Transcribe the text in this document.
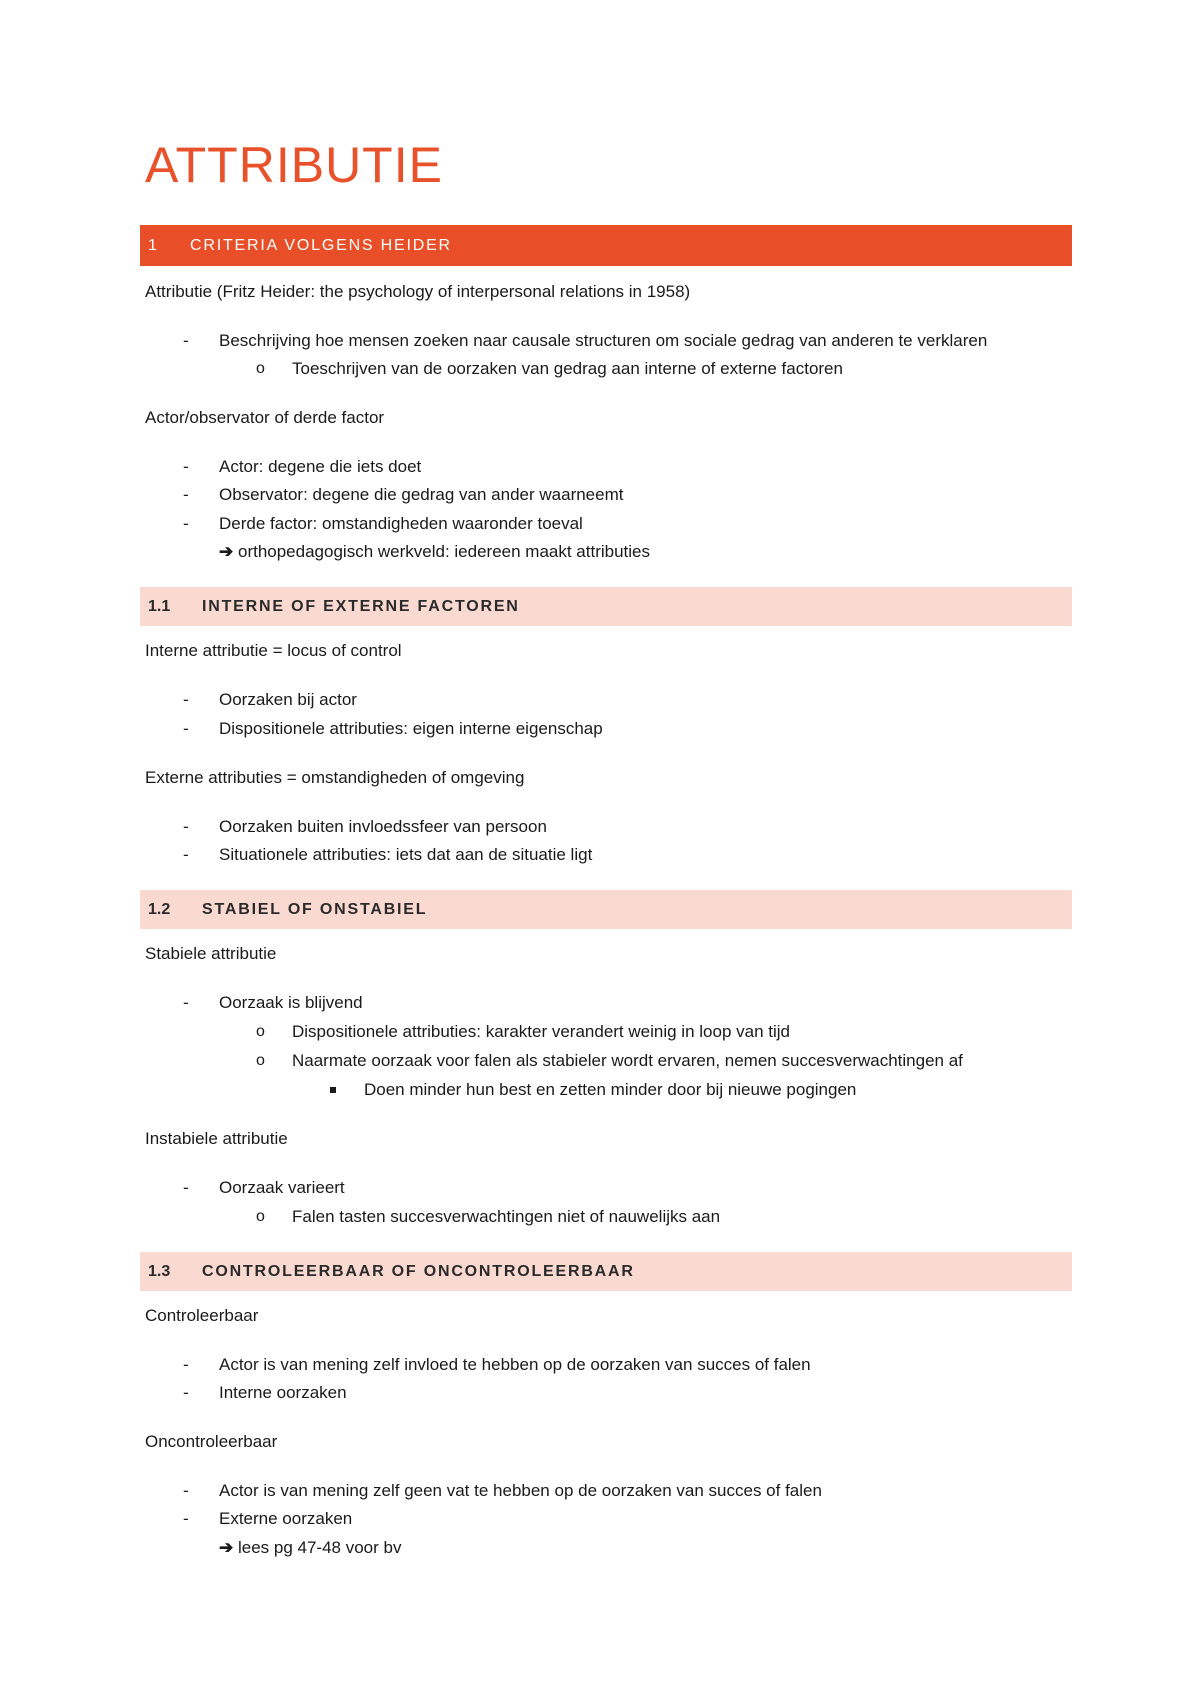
ATTRIBUTIE
1 CRITERIA VOLGENS HEIDER
Attributie (Fritz Heider: the psychology of interpersonal relations in 1958)
- Beschrijving hoe mensen zoeken naar causale structuren om sociale gedrag van anderen te verklaren
o Toeschrijven van de oorzaken van gedrag aan interne of externe factoren
Actor/observator of derde factor
- Actor: degene die iets doet
- Observator: degene die gedrag van ander waarneemt
- Derde factor: omstandigheden waaronder toeval
➔ orthopedagogisch werkveld: iedereen maakt attributies
1.1 INTERNE OF EXTERNE FACTOREN
Interne attributie = locus of control
- Oorzaken bij actor
- Dispositionele attributies: eigen interne eigenschap
Externe attributies = omstandigheden of omgeving
- Oorzaken buiten invloedssfeer van persoon
- Situationele attributies: iets dat aan de situatie ligt
1.2 STABIEL OF ONSTABIEL
Stabiele attributie
- Oorzaak is blijvend
o Dispositionele attributies: karakter verandert weinig in loop van tijd
o Naarmate oorzaak voor falen als stabieler wordt ervaren, nemen succesverwachtingen af
Doen minder hun best en zetten minder door bij nieuwe pogingen
Instabiele attributie
- Oorzaak varieert
o Falen tasten succesverwachtingen niet of nauwelijks aan
1.3 CONTROLEERBAAR OF ONCONTROLEERBAAR
Controleerbaar
- Actor is van mening zelf invloed te hebben op de oorzaken van succes of falen
- Interne oorzaken
Oncontroleerbaar
- Actor is van mening zelf geen vat te hebben op de oorzaken van succes of falen
- Externe oorzaken
➔ lees pg 47-48 voor bv
